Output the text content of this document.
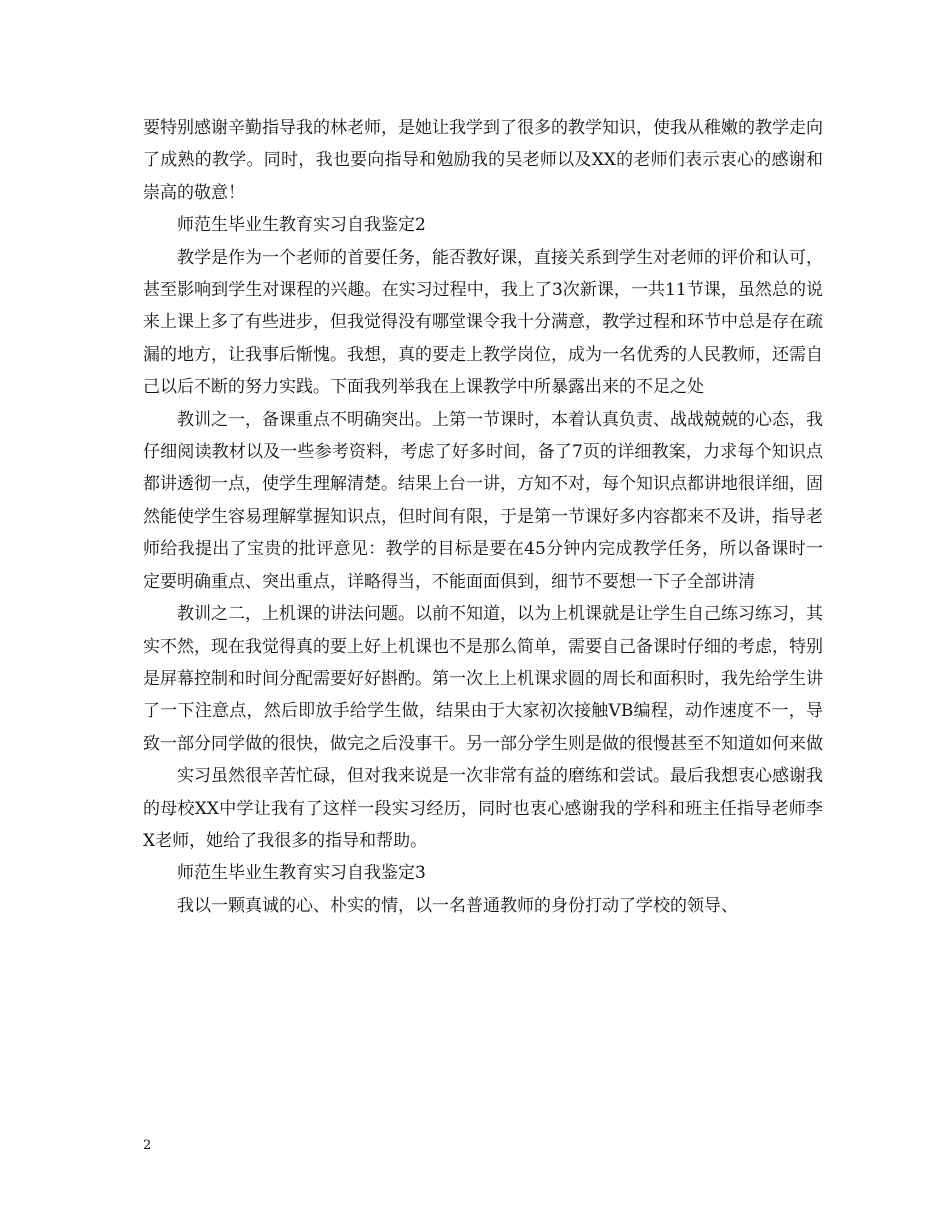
要特别感谢辛勤指导我的林老师，是她让我学到了很多的教学知识，使我从稚嫩的教学走向了成熟的教学。同时，我也要向指导和勉励我的吴老师以及XX的老师们表示衷心的感谢和崇高的敬意！

师范生毕业生教育实习自我鉴定2

教学是作为一个老师的首要任务，能否教好课，直接关系到学生对老师的评价和认可，甚至影响到学生对课程的兴趣。在实习过程中，我上了3次新课，一共11节课，虽然总的说来上课上多了有些进步，但我觉得没有哪堂课令我十分满意，教学过程和环节中总是存在疏漏的地方，让我事后惭愧。我想，真的要走上教学岗位，成为一名优秀的人民教师，还需自己以后不断的努力实践。下面我列举我在上课教学中所暴露出来的不足之处

教训之一，备课重点不明确突出。上第一节课时，本着认真负责、战战兢兢的心态，我仔细阅读教材以及一些参考资料，考虑了好多时间，备了7页的详细教案，力求每个知识点都讲透彻一点，使学生理解清楚。结果上台一讲，方知不对，每个知识点都讲地很详细，固然能使学生容易理解掌握知识点，但时间有限，于是第一节课好多内容都来不及讲，指导老师给我提出了宝贵的批评意见：教学的目标是要在45分钟内完成教学任务，所以备课时一定要明确重点、突出重点，详略得当，不能面面俱到，细节不要想一下子全部讲清

教训之二，上机课的讲法问题。以前不知道，以为上机课就是让学生自己练习练习，其实不然，现在我觉得真的要上好上机课也不是那么简单，需要自己备课时仔细的考虑，特别是屏幕控制和时间分配需要好好斟酌。第一次上上机课求圆的周长和面积时，我先给学生讲了一下注意点，然后即放手给学生做，结果由于大家初次接触VB编程，动作速度不一，导致一部分同学做的很快，做完之后没事干。另一部分学生则是做的很慢甚至不知道如何来做

实习虽然很辛苦忙碌，但对我来说是一次非常有益的磨练和尝试。最后我想衷心感谢我的母校XX中学让我有了这样一段实习经历，同时也衷心感谢我的学科和班主任指导老师李X老师，她给了我很多的指导和帮助。

师范生毕业生教育实习自我鉴定3

我以一颗真诚的心、朴实的情，以一名普通教师的身份打动了学校的领导、

2
